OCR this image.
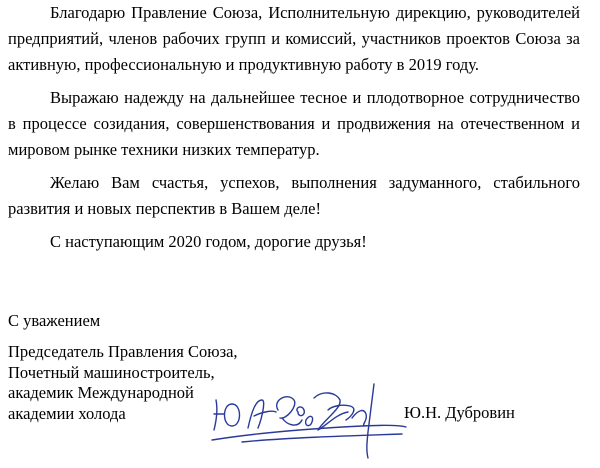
Благодарю Правление Союза, Исполнительную дирекцию, руководителей предприятий, членов рабочих групп и комиссий, участников проектов Союза за активную, профессиональную и продуктивную работу в 2019 году.

Выражаю надежду на дальнейшее тесное и плодотворное сотрудничество в процессе созидания, совершенствования и продвижения на отечественном и мировом рынке техники низких температур.

Желаю Вам счастья, успехов, выполнения задуманного, стабильного развития и новых перспектив в Вашем деле!

С наступающим 2020 годом, дорогие друзья!

С уважением

Председатель Правления Союза,
Почетный машиностроитель,
академик Международной
академии холода	Ю.Н. Дубровин
